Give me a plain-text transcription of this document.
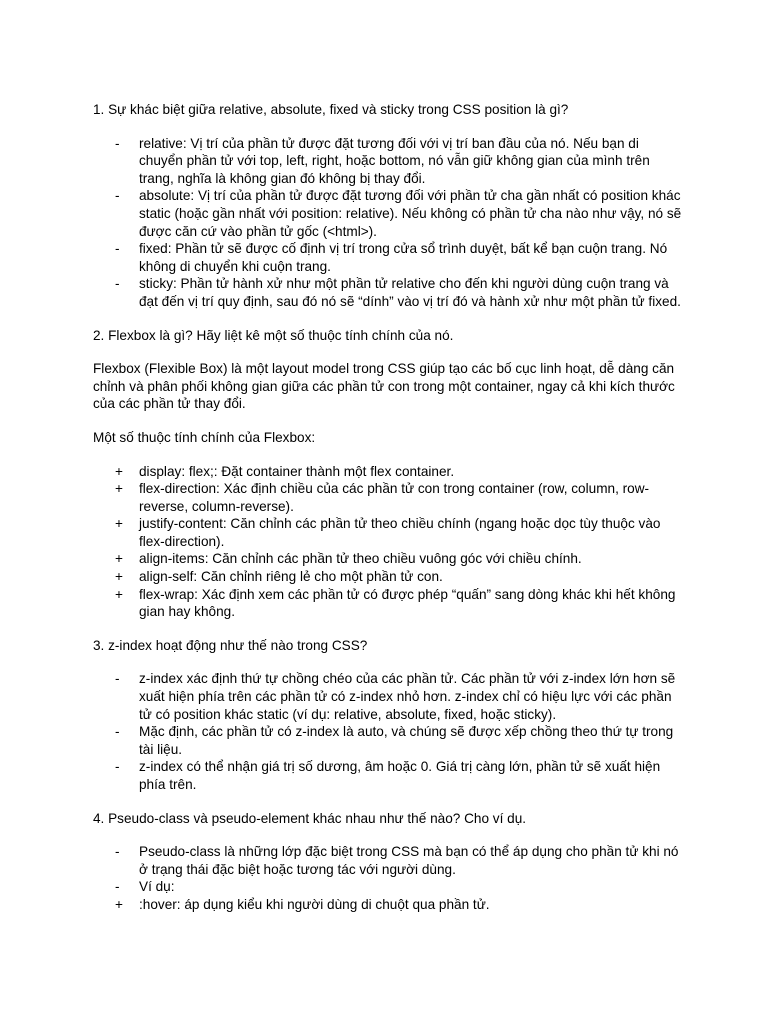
1. Sự khác biệt giữa relative, absolute, fixed và sticky trong CSS position là gì?

-	relative: Vị trí của phần tử được đặt tương đối với vị trí ban đầu của nó. Nếu bạn di chuyển phần tử với top, left, right, hoặc bottom, nó vẫn giữ không gian của mình trên trang, nghĩa là không gian đó không bị thay đổi.
-	absolute: Vị trí của phần tử được đặt tương đối với phần tử cha gần nhất có position khác static (hoặc gần nhất với position: relative). Nếu không có phần tử cha nào như vậy, nó sẽ được căn cứ vào phần tử gốc (<html>).
-	fixed: Phần tử sẽ được cố định vị trí trong cửa sổ trình duyệt, bất kể bạn cuộn trang. Nó không di chuyển khi cuộn trang.
-	sticky: Phần tử hành xử như một phần tử relative cho đến khi người dùng cuộn trang và đạt đến vị trí quy định, sau đó nó sẽ “dính” vào vị trí đó và hành xử như một phần tử fixed.

2. Flexbox là gì? Hãy liệt kê một số thuộc tính chính của nó.

Flexbox (Flexible Box) là một layout model trong CSS giúp tạo các bố cục linh hoạt, dễ dàng căn chỉnh và phân phối không gian giữa các phần tử con trong một container, ngay cả khi kích thước của các phần tử thay đổi.

Một số thuộc tính chính của Flexbox:

+	display: flex;: Đặt container thành một flex container.
+	flex-direction: Xác định chiều của các phần tử con trong container (row, column, row-reverse, column-reverse).
+	justify-content: Căn chỉnh các phần tử theo chiều chính (ngang hoặc dọc tùy thuộc vào flex-direction).
+	align-items: Căn chỉnh các phần tử theo chiều vuông góc với chiều chính.
+	align-self: Căn chỉnh riêng lẻ cho một phần tử con.
+	flex-wrap: Xác định xem các phần tử có được phép “quấn” sang dòng khác khi hết không gian hay không.

3. z-index hoạt động như thế nào trong CSS?

-	z-index xác định thứ tự chồng chéo của các phần tử. Các phần tử với z-index lớn hơn sẽ xuất hiện phía trên các phần tử có z-index nhỏ hơn. z-index chỉ có hiệu lực với các phần tử có position khác static (ví dụ: relative, absolute, fixed, hoặc sticky).
-	Mặc định, các phần tử có z-index là auto, và chúng sẽ được xếp chồng theo thứ tự trong tài liệu.
-	z-index có thể nhận giá trị số dương, âm hoặc 0. Giá trị càng lớn, phần tử sẽ xuất hiện phía trên.

4. Pseudo-class và pseudo-element khác nhau như thế nào? Cho ví dụ.

-	Pseudo-class là những lớp đặc biệt trong CSS mà bạn có thể áp dụng cho phần tử khi nó ở trạng thái đặc biệt hoặc tương tác với người dùng.
-	Ví dụ:
+	:hover: áp dụng kiểu khi người dùng di chuột qua phần tử.
